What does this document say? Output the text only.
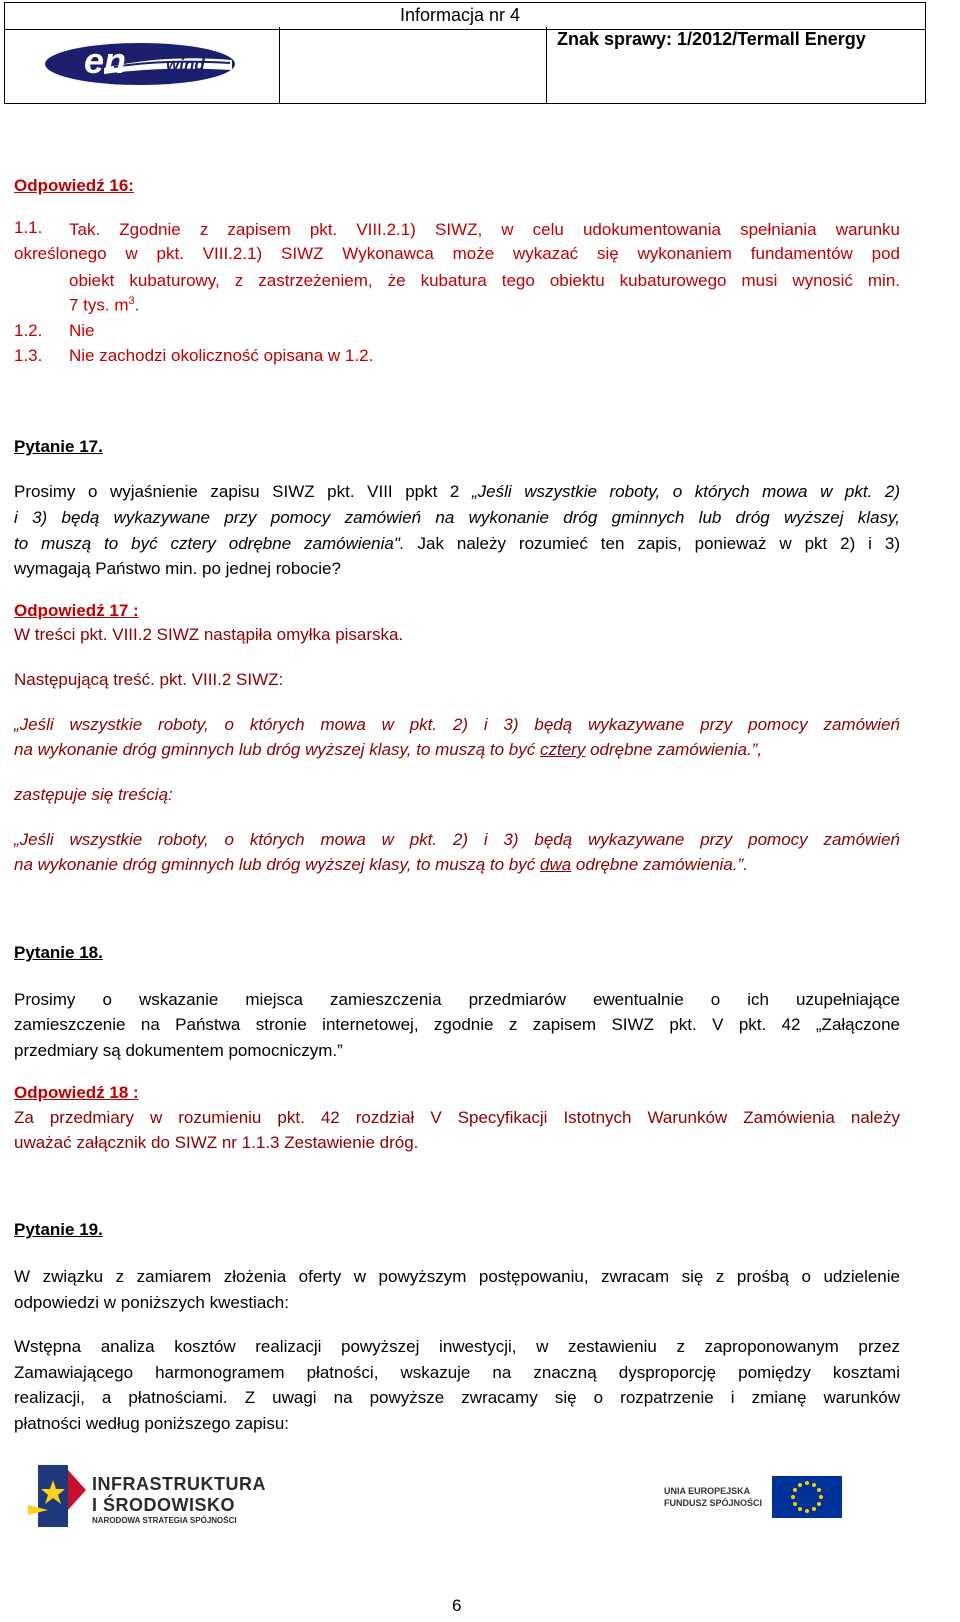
Informacja nr 4
Znak sprawy: 1/2012/Termall Energy
en wind
Odpowiedź 16:
1.1. Tak. Zgodnie z zapisem pkt. VIII.2.1) SIWZ, w celu udokumentowania spełniania warunku
określonego w pkt. VIII.2.1) SIWZ Wykonawca może wykazać się wykonaniem fundamentów pod
obiekt kubaturowy, z zastrzeżeniem, że kubatura tego obiektu kubaturowego musi wynosić min.
7 tys. $m^3$.
1.2. Nie
1.3. Nie zachodzi okoliczność opisana w 1.2.
Pytanie 17.
Prosimy o wyjaśnienie zapisu SIWZ pkt. VIII ppkt 2 „Jeśli wszystkie roboty, o których mowa w pkt. 2)
i 3) będą wykazywane przy pomocy zamówień na wykonanie dróg gminnych lub dróg wyższej klasy,
to muszą to być cztery odrębne zamówienia". Jak należy rozumieć ten zapis, ponieważ w pkt 2) i 3)
wymagają Państwo min. po jednej robocie?
Odpowiedź 17 :
W treści pkt. VIII.2 SIWZ nastąpiła omyłka pisarska.
Następującą treść. pkt. VIII.2 SIWZ:
„Jeśli wszystkie roboty, o których mowa w pkt. 2) i 3) będą wykazywane przy pomocy zamówień
na wykonanie dróg gminnych lub dróg wyższej klasy, to muszą to być cztery odrębne zamówienia.”,
zastępuje się treścią:
„Jeśli wszystkie roboty, o których mowa w pkt. 2) i 3) będą wykazywane przy pomocy zamówień
na wykonanie dróg gminnych lub dróg wyższej klasy, to muszą to być dwa odrębne zamówienia.”.
Pytanie 18.
Prosimy  o  wskazanie  miejsca  zamieszczenia  przedmiarów  ewentualnie  o  ich  uzupełniające
zamieszczenie na Państwa stronie internetowej, zgodnie z zapisem SIWZ pkt. V pkt. 42 „Załączone
przedmiary są dokumentem pomocniczym.”
Odpowiedź 18 :
Za przedmiary w rozumieniu pkt. 42 rozdział V Specyfikacji Istotnych Warunków Zamówienia należy
uważać załącznik do SIWZ nr 1.1.3 Zestawienie dróg.
Pytanie 19.
W związku z zamiarem złożenia oferty w powyższym postępowaniu, zwracam się z prośbą o udzielenie
odpowiedzi w poniższych kwestiach:
Wstępna  analiza  kosztów  realizacji  powyższej  inwestycji,  w  zestawieniu  z  zaproponowanym  przez
Zamawiającego  harmonogramem  płatności,  wskazuje  na  znaczną  dysproporcję  pomiędzy  kosztami
realizacji,  a  płatnościami.  Z  uwagi  na  powyższe  zwracamy  się  o  rozpatrzenie  i  zmianę  warunków
płatności według poniższego zapisu:
INFRASTRUKTURA
I ŚRODOWISKO
NARODOWA STRATEGIA SPÓJNOŚCI
UNIA EUROPEJSKA
FUNDUSZ SPÓJNOŚCI
6
